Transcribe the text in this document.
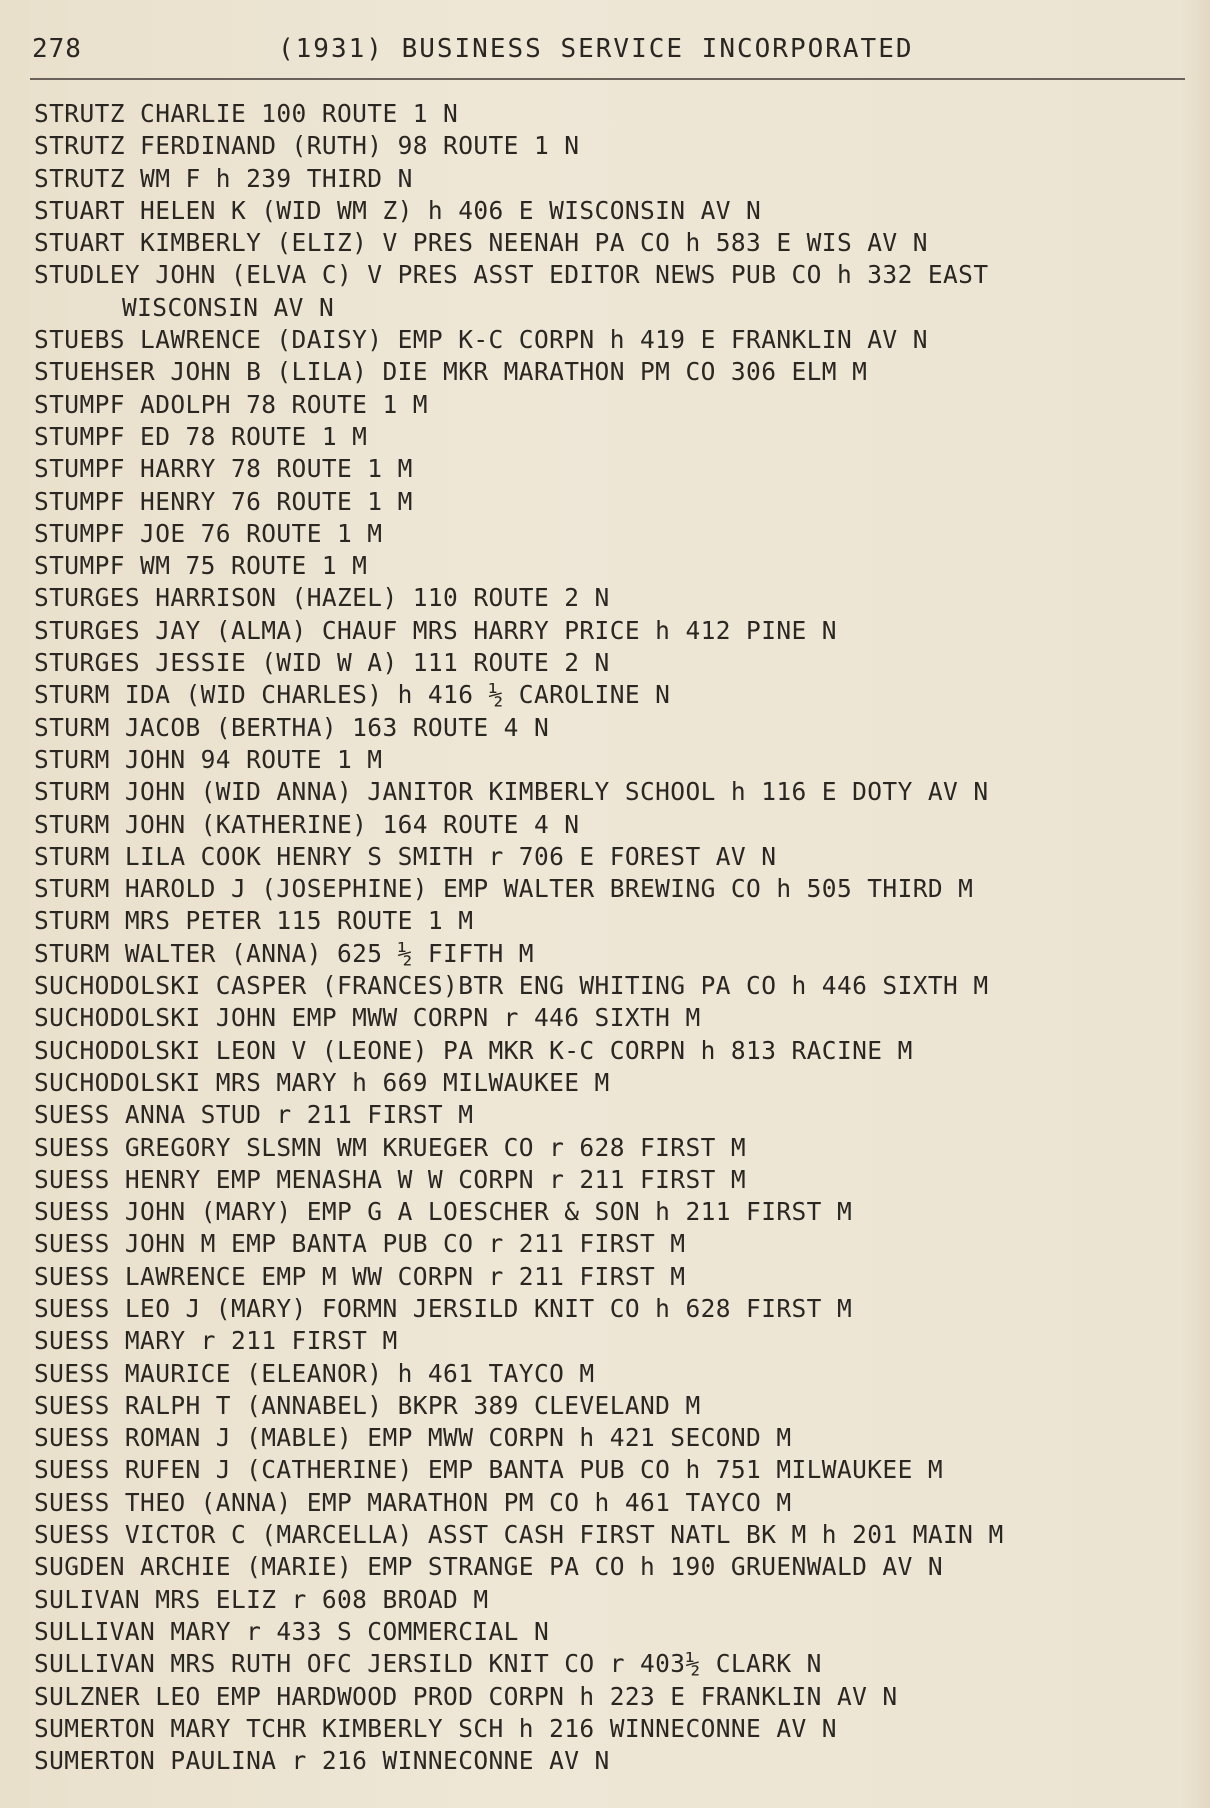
278	(1931) BUSINESS SERVICE INCORPORATED
STRUTZ CHARLIE 100 ROUTE 1 N
STRUTZ FERDINAND (RUTH) 98 ROUTE 1 N
STRUTZ WM F h 239 THIRD N
STUART HELEN K (WID WM Z) h 406 E WISCONSIN AV N
STUART KIMBERLY (ELIZ) V PRES NEENAH PA CO h 583 E WIS AV N
STUDLEY JOHN (ELVA C) V PRES ASST EDITOR NEWS PUB CO h 332 EAST
WISCONSIN AV N
STUEBS LAWRENCE (DAISY) EMP K-C CORPN h 419 E FRANKLIN AV N
STUEHSER JOHN B (LILA) DIE MKR MARATHON PM CO 306 ELM M
STUMPF ADOLPH 78 ROUTE 1 M
STUMPF ED 78 ROUTE 1 M
STUMPF HARRY 78 ROUTE 1 M
STUMPF HENRY 76 ROUTE 1 M
STUMPF JOE 76 ROUTE 1 M
STUMPF WM 75 ROUTE 1 M
STURGES HARRISON (HAZEL) 110 ROUTE 2 N
STURGES JAY (ALMA) CHAUF MRS HARRY PRICE h 412 PINE N
STURGES JESSIE (WID W A) 111 ROUTE 2 N
STURM IDA (WID CHARLES) h 416 ½ CAROLINE N
STURM JACOB (BERTHA) 163 ROUTE 4 N
STURM JOHN 94 ROUTE 1 M
STURM JOHN (WID ANNA) JANITOR KIMBERLY SCHOOL h 116 E DOTY AV N
STURM JOHN (KATHERINE) 164 ROUTE 4 N
STURM LILA COOK HENRY S SMITH r 706 E FOREST AV N
STURM HAROLD J (JOSEPHINE) EMP WALTER BREWING CO h 505 THIRD M
STURM MRS PETER 115 ROUTE 1 M
STURM WALTER (ANNA) 625 ½ FIFTH M
SUCHODOLSKI CASPER (FRANCES)BTR ENG WHITING PA CO h 446 SIXTH M
SUCHODOLSKI JOHN EMP MWW CORPN r 446 SIXTH M
SUCHODOLSKI LEON V (LEONE) PA MKR K-C CORPN h 813 RACINE M
SUCHODOLSKI MRS MARY h 669 MILWAUKEE M
SUESS ANNA STUD r 211 FIRST M
SUESS GREGORY SLSMN WM KRUEGER CO r 628 FIRST M
SUESS HENRY EMP MENASHA W W CORPN r 211 FIRST M
SUESS JOHN (MARY) EMP G A LOESCHER & SON h 211 FIRST M
SUESS JOHN M EMP BANTA PUB CO r 211 FIRST M
SUESS LAWRENCE EMP M WW CORPN r 211 FIRST M
SUESS LEO J (MARY) FORMN JERSILD KNIT CO h 628 FIRST M
SUESS MARY r 211 FIRST M
SUESS MAURICE (ELEANOR) h 461 TAYCO M
SUESS RALPH T (ANNABEL) BKPR 389 CLEVELAND M
SUESS ROMAN J (MABLE) EMP MWW CORPN h 421 SECOND M
SUESS RUFEN J (CATHERINE) EMP BANTA PUB CO h 751 MILWAUKEE M
SUESS THEO (ANNA) EMP MARATHON PM CO h 461 TAYCO M
SUESS VICTOR C (MARCELLA) ASST CASH FIRST NATL BK M h 201 MAIN M
SUGDEN ARCHIE (MARIE) EMP STRANGE PA CO h 190 GRUENWALD AV N
SULIVAN MRS ELIZ r 608 BROAD M
SULLIVAN MARY r 433 S COMMERCIAL N
SULLIVAN MRS RUTH OFC JERSILD KNIT CO r 403½ CLARK N
SULZNER LEO EMP HARDWOOD PROD CORPN h 223 E FRANKLIN AV N
SUMERTON MARY TCHR KIMBERLY SCH h 216 WINNECONNE AV N
SUMERTON PAULINA r 216 WINNECONNE AV N
